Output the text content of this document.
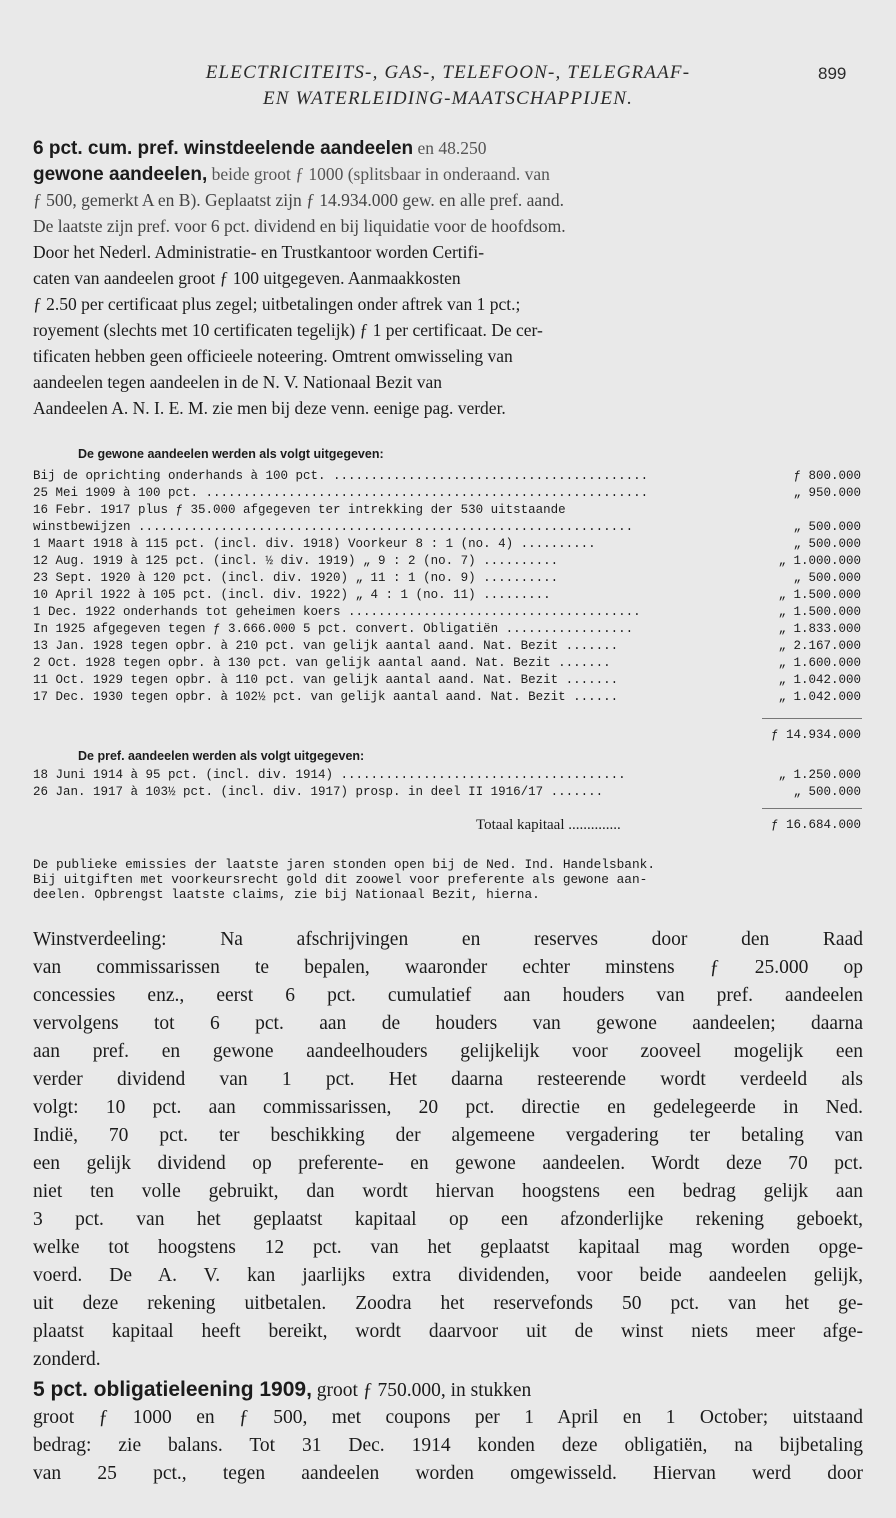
ELECTRICITEITS-, GAS-, TELEFOON-, TELEGRAAF-
EN WATERLEIDING-MAATSCHAPPIJEN.
899
6 pct. cum. pref. winstdeelende aandeelen en 48.250
gewone aandeelen, beide groot ƒ 1000 (splitsbaar in onderaand. van
ƒ 500, gemerkt A en B). Geplaatst zijn ƒ 14.934.000 gew. en alle pref. aand.
De laatste zijn pref. voor 6 pct. dividend en bij liquidatie voor de hoofdsom.
Door het Nederl. Administratie- en Trustkantoor worden Certifi-
caten van aandeelen groot ƒ 100 uitgegeven. Aanmaakkosten
ƒ 2.50 per certificaat plus zegel; uitbetalingen onder aftrek van 1 pct.;
royement (slechts met 10 certificaten tegelijk) ƒ 1 per certificaat. De cer-
tificaten hebben geen officieele noteering. Omtrent omwisseling van
aandeelen tegen aandeelen in de N. V. Nationaal Bezit van
Aandeelen A. N. I. E. M. zie men bij deze venn. eenige pag. verder.
De gewone aandeelen werden als volgt uitgegeven:
Bij de oprichting onderhands à 100 pct. ..........................................	ƒ 800.000
25 Mei 1909 à 100 pct. ...........................................................	„ 950.000
16 Febr. 1917 plus ƒ 35.000 afgegeven ter intrekking der 530 uitstaande
winstbewijzen ..................................................................	„ 500.000
1 Maart 1918 à 115 pct. (incl. div. 1918) Voorkeur 8 : 1 (no. 4) ..........	„ 500.000
12 Aug. 1919 à 125 pct. (incl. ½ div. 1919) „ 9 : 2 (no. 7) ..........	„ 1.000.000
23 Sept. 1920 à 120 pct. (incl. div. 1920) „ 11 : 1 (no. 9) ..........	„ 500.000
10 April 1922 à 105 pct. (incl. div. 1922) „ 4 : 1 (no. 11) .........	„ 1.500.000
1 Dec. 1922 onderhands tot geheimen koers .......................................	„ 1.500.000
In 1925 afgegeven tegen ƒ 3.666.000 5 pct. convert. Obligatiën .................	„ 1.833.000
13 Jan. 1928 tegen opbr. à 210 pct. van gelijk aantal aand. Nat. Bezit .......	„ 2.167.000
2 Oct. 1928 tegen opbr. à 130 pct. van gelijk aantal aand. Nat. Bezit .......	„ 1.600.000
11 Oct. 1929 tegen opbr. à 110 pct. van gelijk aantal aand. Nat. Bezit .......	„ 1.042.000
17 Dec. 1930 tegen opbr. à 102½ pct. van gelijk aantal aand. Nat. Bezit ......	„ 1.042.000
ƒ 14.934.000
De pref. aandeelen werden als volgt uitgegeven:
18 Juni 1914 à 95 pct. (incl. div. 1914) ......................................	„ 1.250.000
26 Jan. 1917 à 103½ pct. (incl. div. 1917) prosp. in deel II 1916/17 .......	„ 500.000
Totaal kapitaal ..............	ƒ 16.684.000
De publieke emissies der laatste jaren stonden open bij de Ned. Ind. Handelsbank.
Bij uitgiften met voorkeursrecht gold dit zoowel voor preferente als gewone aan-
deelen. Opbrengst laatste claims, zie bij Nationaal Bezit, hierna.
Winstverdeeling: Na afschrijvingen en reserves door den Raad
van commissarissen te bepalen, waaronder echter minstens ƒ 25.000 op
concessies enz., eerst 6 pct. cumulatief aan houders van pref. aandeelen
vervolgens tot 6 pct. aan de houders van gewone aandeelen; daarna
aan pref. en gewone aandeelhouders gelijkelijk voor zooveel mogelijk een
verder dividend van 1 pct. Het daarna resteerende wordt verdeeld als
volgt: 10 pct. aan commissarissen, 20 pct. directie en gedelegeerde in Ned.
Indië, 70 pct. ter beschikking der algemeene vergadering ter betaling van
een gelijk dividend op preferente- en gewone aandeelen. Wordt deze 70 pct.
niet ten volle gebruikt, dan wordt hiervan hoogstens een bedrag gelijk aan
3 pct. van het geplaatst kapitaal op een afzonderlijke rekening geboekt,
welke tot hoogstens 12 pct. van het geplaatst kapitaal mag worden opge-
voerd. De A. V. kan jaarlijks extra dividenden, voor beide aandeelen gelijk,
uit deze rekening uitbetalen. Zoodra het reservefonds 50 pct. van het ge-
plaatst kapitaal heeft bereikt, wordt daarvoor uit de winst niets meer afge-
zonderd.
5 pct. obligatieleening 1909, groot ƒ 750.000, in stukken
groot ƒ 1000 en ƒ 500, met coupons per 1 April en 1 October; uitstaand
bedrag: zie balans. Tot 31 Dec. 1914 konden deze obligatiën, na bijbetaling
van 25 pct., tegen aandeelen worden omgewisseld. Hiervan werd door
